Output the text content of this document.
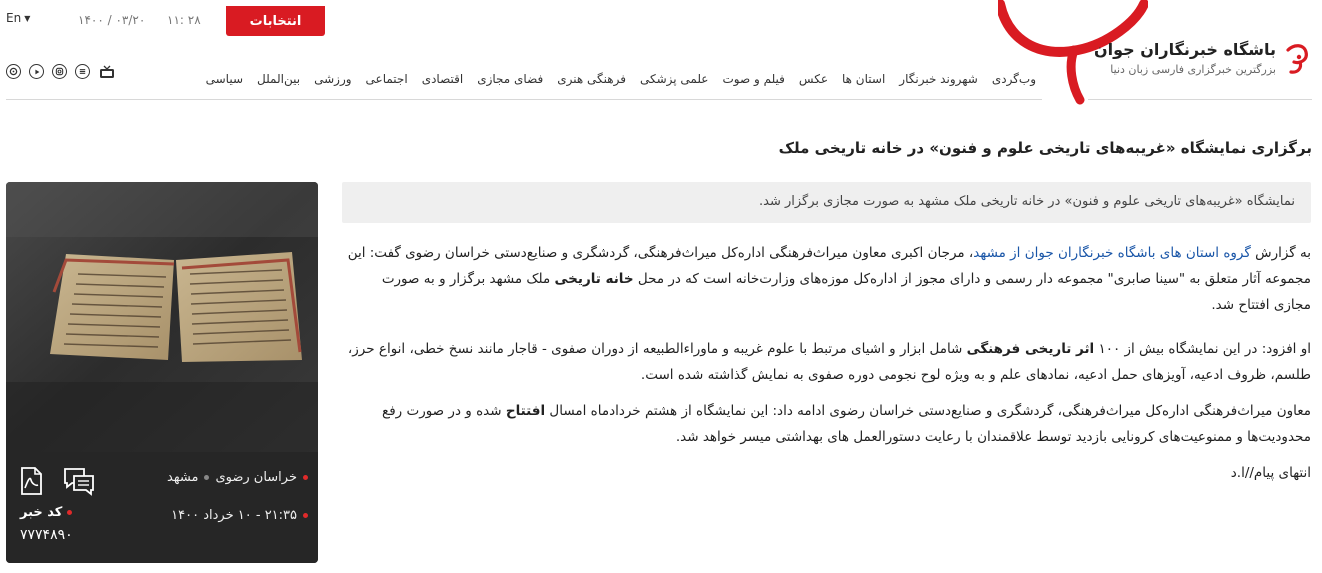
En ▼	۱۴۰۰ / ۰۳/۲۰ ۱۱: ۲۸	انتخابات
سیاسی بین‌الملل ورزشی اجتماعی اقتصادی فضای مجازی فرهنگی هنری علمی پزشکی فیلم و صوت عکس استان ها شهروند خبرنگار وب‌گردی
باشگاه خبرنگاران جوان
بزرگترین خبرگزاری فارسی زبان دنیا
برگزاری نمایشگاه «غریبه‌های تاریخی علوم و فنون» در خانه تاریخی ملک
نمایشگاه «غریبه‌های تاریخی علوم و فنون» در خانه تاریخی ملک مشهد به صورت مجازی برگزار شد.

به گزارش گروه استان های باشگاه خبرنگاران جوان از مشهد، مرجان اکبری معاون میراث‌فرهنگی اداره‌کل میراث‌فرهنگی، گردشگری و صنایع‌دستی خراسان رضوی گفت: این مجموعه آثار متعلق به "سینا صابری" مجموعه دار رسمی و دارای مجوز از اداره‌کل موزه‌های وزارت‌خانه است که در محل خانه تاریخی ملک مشهد برگزار و به صورت مجازی افتتاح شد.

او افزود: در این نمایشگاه بیش از ۱۰۰ اثر تاریخی فرهنگی شامل ابزار و اشیای مرتبط با علوم غریبه و ماوراءالطبیعه از دوران صفوی - قاجار مانند نسخ خطی، انواع حرز، طلسم، ظروف ادعیه، آویزهای حمل ادعیه، نمادهای علم و به ویژه لوح نجومی دوره صفوی به نمایش گذاشته شده است.

معاون میراث‌فرهنگی اداره‌کل میراث‌فرهنگی، گردشگری و صنایع‌دستی خراسان رضوی ادامه داد: این نمایشگاه از هشتم خردادماه امسال افتتاح شده و در صورت رفع محدودیت‌ها و ممنوعیت‌های کرونایی بازدید توسط علاقمندان با رعایت دستورالعمل های بهداشتی میسر خواهد شد.

انتهای پیام//ا.د

خراسان رضوی
مشهد
۲۱:۳۵ - ۱۰ خرداد ۱۴۰۰
کد خبر
۷۷۷۴۸۹۰
